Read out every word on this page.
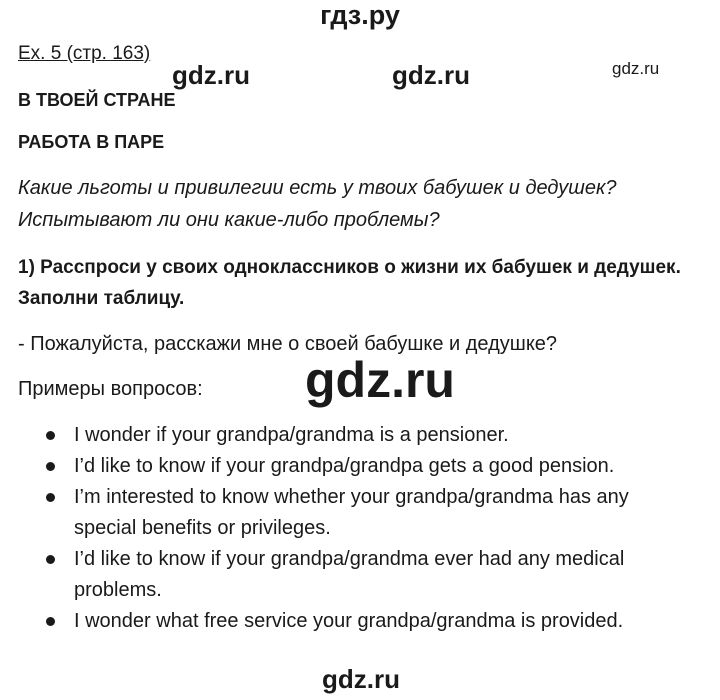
гдз.ру
Ex. 5 (стр. 163)
gdz.ru	gdz.ru	gdz.ru
В ТВОЕЙ СТРАНЕ
РАБОТА В ПАРЕ
Какие льготы и привилегии есть у твоих бабушек и дедушек?
Испытывают ли они какие-либо проблемы?
1) Расспроси у своих одноклассников о жизни их бабушек и дедушек.
Заполни таблицу.
- Пожалуйста, расскажи мне о своей бабушке и дедушке?
Примеры вопросов: gdz.ru
I wonder if your grandpa/grandma is a pensioner.
I’d like to know if your grandpa/grandpa gets a good pension.
I’m interested to know whether your grandpa/grandma has any
special benefits or privileges.
I’d like to know if your grandpa/grandma ever had any medical
problems.
I wonder what free service your grandpa/grandma is provided.
gdz.ru
